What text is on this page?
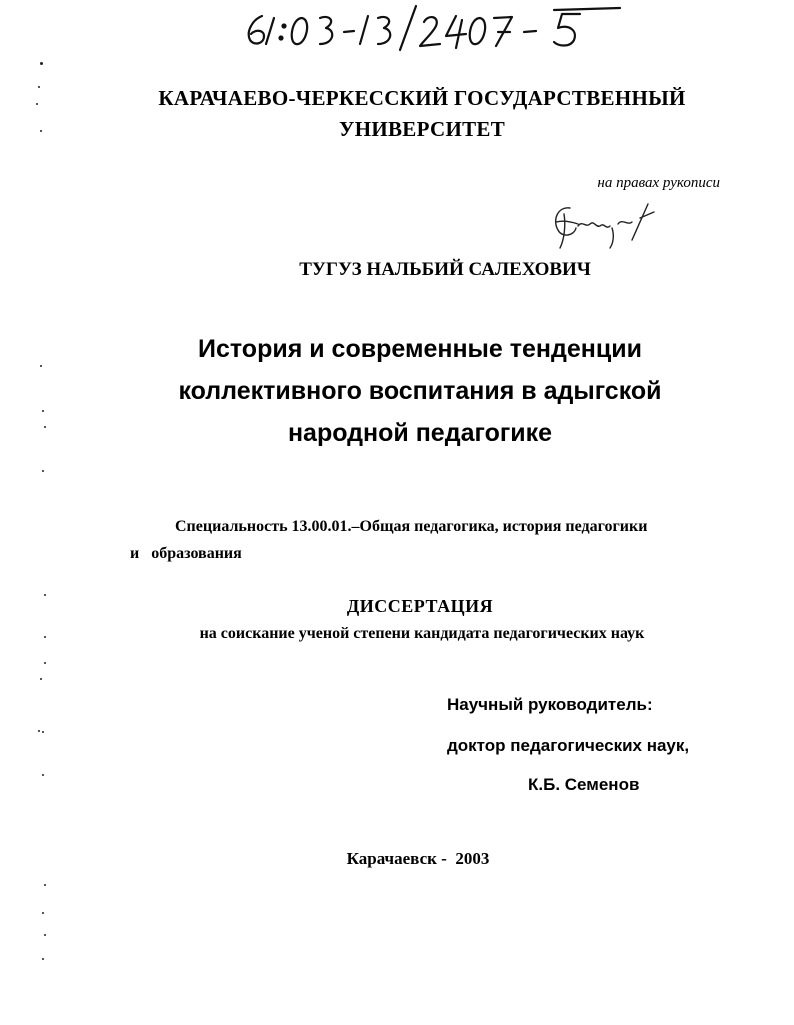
КАРАЧАЕВО-ЧЕРКЕССКИЙ ГОСУДАРСТВЕННЫЙ
УНИВЕРСИТЕТ
на правах рукописи
ТУГУЗ НАЛЬБИЙ САЛЕХОВИЧ
История и современные тенденции
коллективного воспитания в адыгской
народной педагогике
Специальность 13.00.01.–Общая педагогика, история педагогики
и   образования
ДИССЕРТАЦИЯ
на соискание ученой степени кандидата педагогических наук
Научный руководитель:
доктор педагогических наук,
К.Б. Семенов
Карачаевск -  2003
